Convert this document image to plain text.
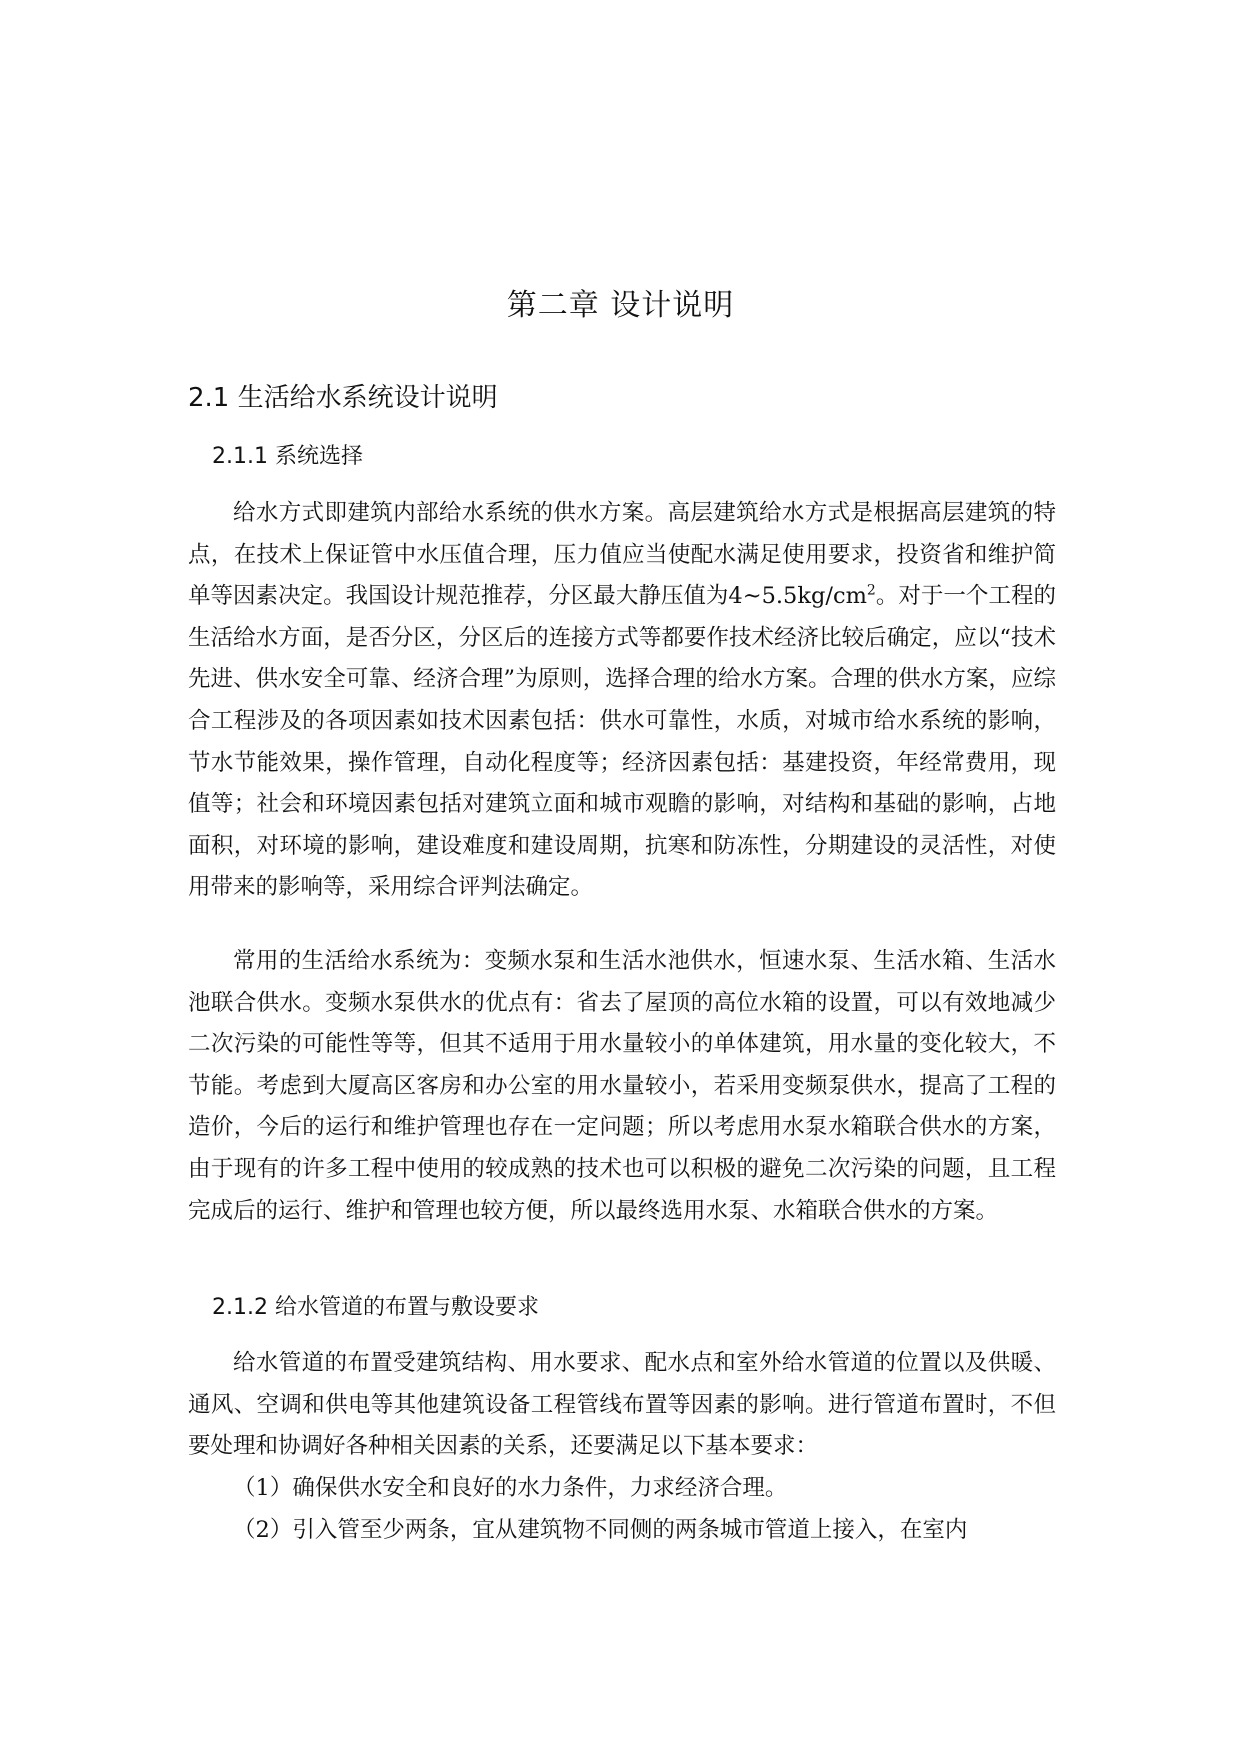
第二章 设计说明
2.1 生活给水系统设计说明
2.1.1 系统选择

给水方式即建筑内部给水系统的供水方案。高层建筑给水方式是根据高层建筑的特点，在技术上保证管中水压值合理，压力值应当使配水满足使用要求，投资省和维护简单等因素决定。我国设计规范推荐，分区最大静压值为$4\sim 5.5kg/cm^2$。对于一个工程的生活给水方面，是否分区，分区后的连接方式等都要作技术经济比较后确定，应以“技术先进、供水安全可靠、经济合理”为原则，选择合理的给水方案。合理的供水方案，应综合工程涉及的各项因素如技术因素包括：供水可靠性，水质，对城市给水系统的影响，节水节能效果，操作管理，自动化程度等；经济因素包括：基建投资，年经常费用，现值等；社会和环境因素包括对建筑立面和城市观瞻的影响，对结构和基础的影响，占地面积，对环境的影响，建设难度和建设周期，抗寒和防冻性，分期建设的灵活性，对使用带来的影响等，采用综合评判法确定。

常用的生活给水系统为：变频水泵和生活水池供水，恒速水泵、生活水箱、生活水池联合供水。变频水泵供水的优点有：省去了屋顶的高位水箱的设置，可以有效地减少二次污染的可能性等等，但其不适用于用水量较小的单体建筑，用水量的变化较大，不节能。考虑到大厦高区客房和办公室的用水量较小，若采用变频泵供水，提高了工程的造价，今后的运行和维护管理也存在一定问题；所以考虑用水泵水箱联合供水的方案，由于现有的许多工程中使用的较成熟的技术也可以积极的避免二次污染的问题，且工程完成后的运行、维护和管理也较方便，所以最终选用水泵、水箱联合供水的方案。

2.1.2 给水管道的布置与敷设要求

给水管道的布置受建筑结构、用水要求、配水点和室外给水管道的位置以及供暖、通风、空调和供电等其他建筑设备工程管线布置等因素的影响。进行管道布置时，不但要处理和协调好各种相关因素的关系，还要满足以下基本要求：

（1）确保供水安全和良好的水力条件，力求经济合理。

（2）引入管至少两条，宜从建筑物不同侧的两条城市管道上接入，在室内
